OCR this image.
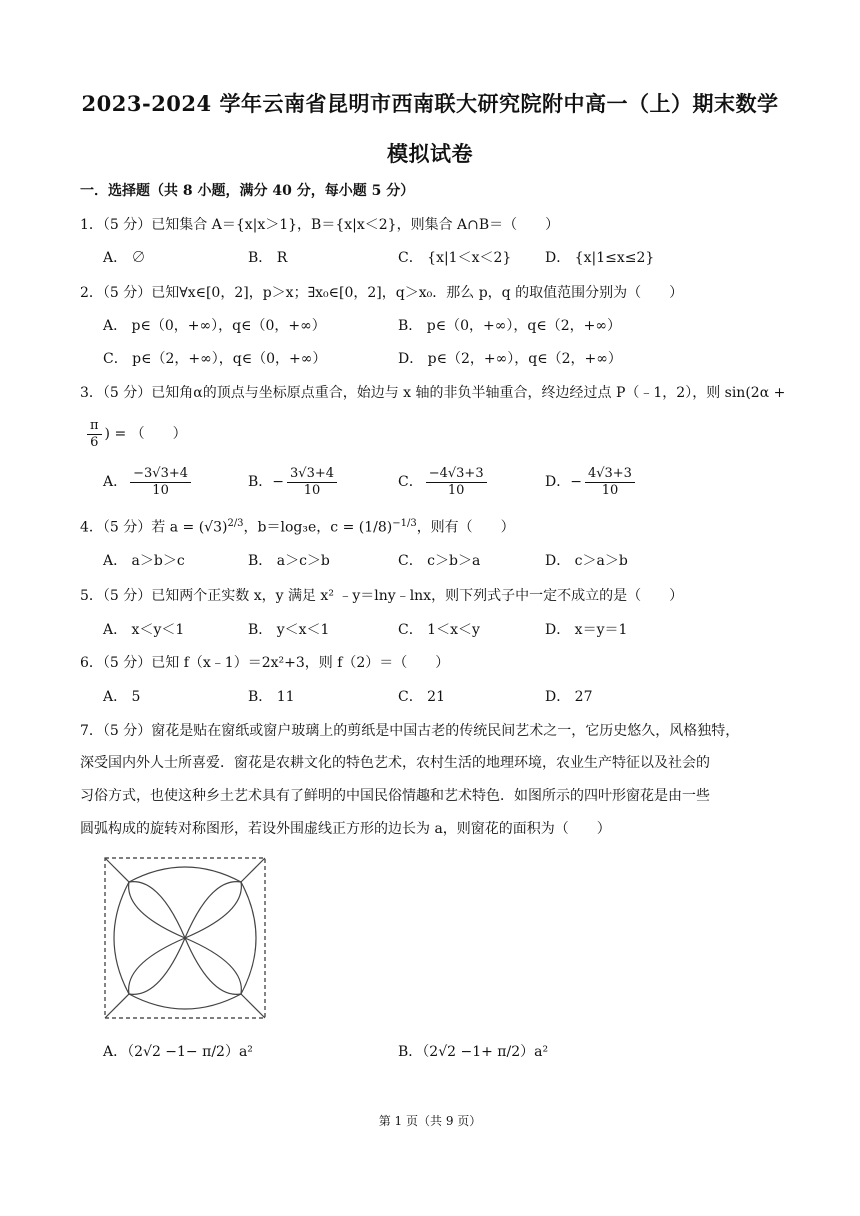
2023-2024 学年云南省昆明市西南联大研究院附中高一（上）期末数学
模拟试卷
一．选择题（共 8 小题，满分 40 分，每小题 5 分）
1．（5 分）已知集合 A＝{x|x＞1}，B＝{x|x＜2}，则集合 A∩B＝（　　）
A． ∅	B． R	C． {x|1＜x＜2} D． {x|1≤x≤2}
2．（5 分）已知∀x∈[0，2]，p＞x；∃x₀∈[0，2]，q＞x₀．那么 p，q 的取值范围分别为（　　）
A． p∈（0，+∞），q∈（0，+∞）	B． p∈（0，+∞），q∈（2，+∞）
C． p∈（2，+∞），q∈（0，+∞）	D． p∈（2，+∞），q∈（2，+∞）
3．（5 分）已知角α的顶点与坐标原点重合，始边与 x 轴的非负半轴重合，终边经过点 P（﹣1，2），则 sin(2α +
$\frac{\pi}{6}$ ) = （　　）
A． $\frac{-3√3+4}{10}$	B．− $\frac{3√3+4}{10}$	C． $\frac{-4√3+3}{10}$	D．− $\frac{4√3+3}{10}$
4．（5 分）若 $a = (√3)^{2/3}$，b＝log₃e，$c = (1/8)^{-1/3}$，则有（　　）
A． a＞b＞c	B． a＞c＞b	C． c＞b＞a	D． c＞a＞b
5．（5 分）已知两个正实数 x，y 满足 x² ﹣y＝lny﹣lnx，则下列式子中一定不成立的是（　　）
A． x＜y＜1	B． y＜x＜1	C． 1＜x＜y	D． x＝y＝1
6．（5 分）已知 f（x﹣1）＝2x²+3，则 f（2）＝（　　）
A． 5	B． 11	C． 21	D． 27
7．（5 分）窗花是贴在窗纸或窗户玻璃上的剪纸是中国古老的传统民间艺术之一，它历史悠久，风格独特，
深受国内外人士所喜爱．窗花是农耕文化的特色艺术，农村生活的地理环境，农业生产特征以及社会的
习俗方式，也使这种乡土艺术具有了鲜明的中国民俗情趣和艺术特色．如图所示的四叶形窗花是由一些
圆弧构成的旋转对称图形，若设外围虚线正方形的边长为 a，则窗花的面积为（　　）
A．（2√2 −1− π/2）a²	B．（2√2 −1+ π/2）a²
第 1 页（共 9 页）
